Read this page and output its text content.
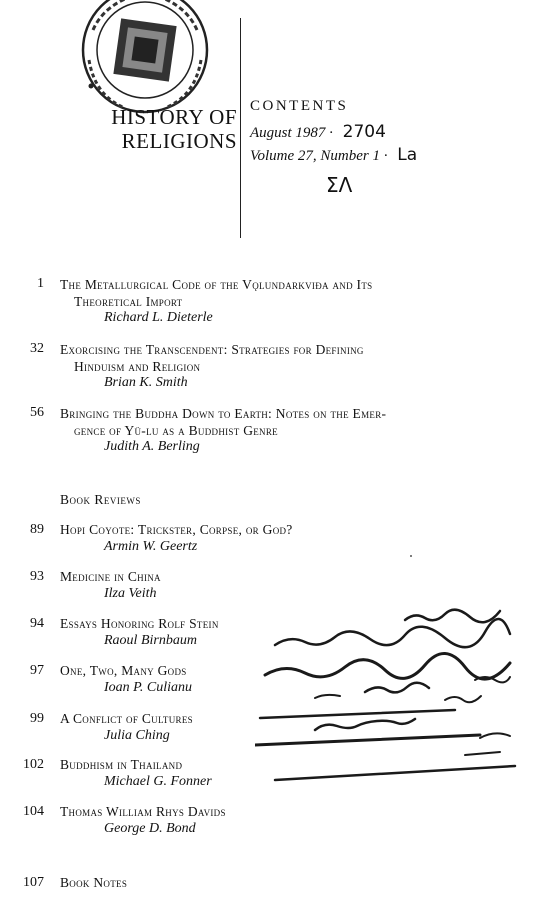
HISTORY OF
RELIGIONS
CONTENTS
August 1987 · 2704
Volume 27, Number 1 · La
ΣΛ
1 The Metallurgical Code of the Vǫlundarkviða and Its
Theoretical Import
Richard L. Dieterle
32 Exorcising the Transcendent: Strategies for Defining
Hinduism and Religion
Brian K. Smith
56 Bringing the Buddha Down to Earth: Notes on the Emer-
gence of Yü-lu as a Buddhist Genre
Judith A. Berling
Book Reviews
89 Hopi Coyote: Trickster, Corpse, or God?
Armin W. Geertz
93 Medicine in China
Ilza Veith
94 Essays Honoring Rolf Stein
Raoul Birnbaum
97 One, Two, Many Gods
Ioan P. Culianu
99 A Conflict of Cultures
Julia Ching
102 Buddhism in Thailand
Michael G. Fonner
104 Thomas William Rhys Davids
George D. Bond
107 Book Notes
